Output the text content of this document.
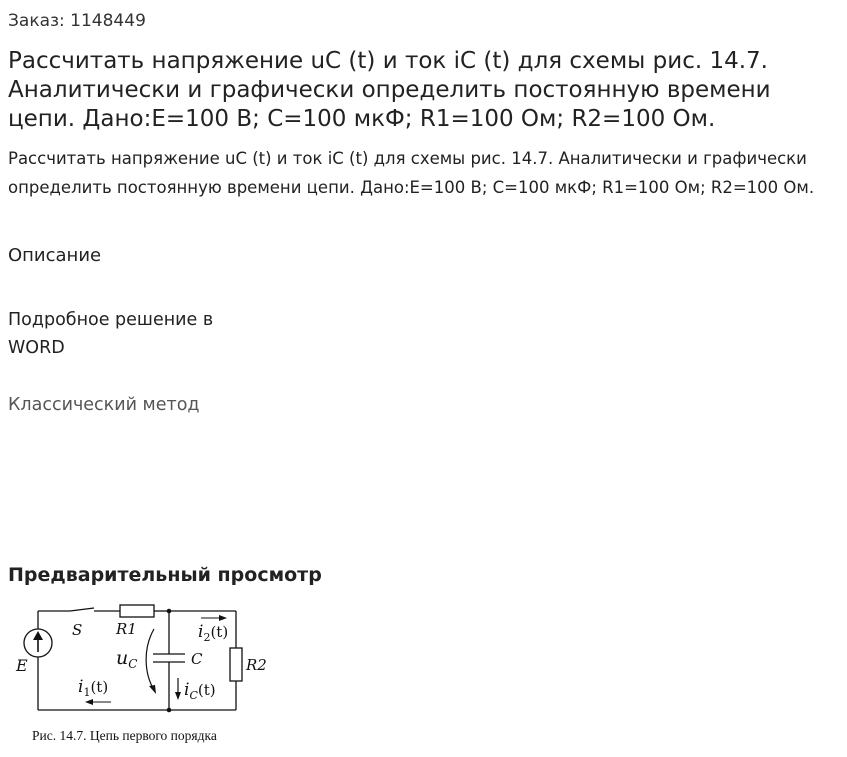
Заказ: 1148449
Рассчитать напряжение uC (t) и ток iC (t) для схемы рис. 14.7. Аналитически и графически определить постоянную времени цепи. Дано:E=100 В; С=100 мкФ; R1=100 Ом; R2=100 Ом.

Рассчитать напряжение uC (t) и ток iC (t) для схемы рис. 14.7. Аналитически и графически определить постоянную времени цепи. Дано:E=100 В; С=100 мкФ; R1=100 Ом; R2=100 Ом.

Описание
Подробное решение в WORD
Классический метод
Предварительный просмотр
E
S R1
C	R2
$u_C$
$i_1(t)$
$i_2(t)$
$i_C(t)$
Рис. 14.7. Цепь первого порядка
